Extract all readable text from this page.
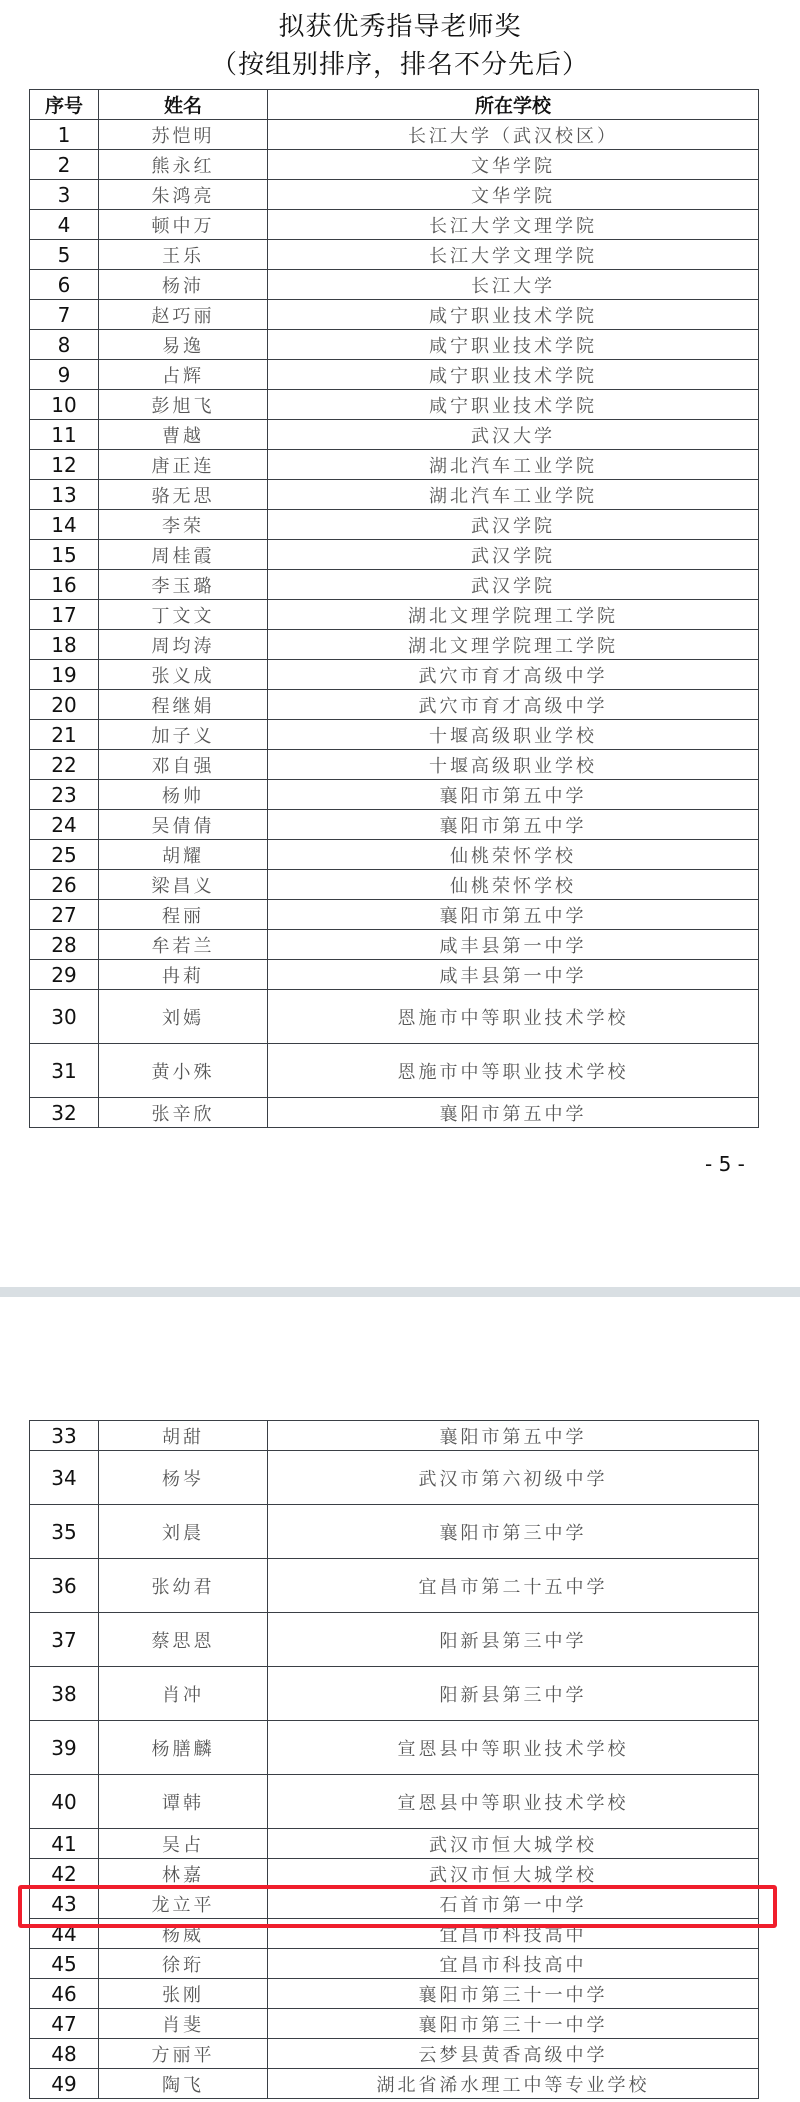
拟获优秀指导老师奖
（按组别排序，排名不分先后）
序号	姓名	所在学校
1	苏恺明	长江大学（武汉校区）
2	熊永红	文华学院
3	朱鸿亮	文华学院
4	顿中万	长江大学文理学院
5	王乐	长江大学文理学院
6	杨沛	长江大学
7	赵巧丽	咸宁职业技术学院
8	易逸	咸宁职业技术学院
9	占辉	咸宁职业技术学院
10	彭旭飞	咸宁职业技术学院
11	曹越	武汉大学
12	唐正连	湖北汽车工业学院
13	骆无思	湖北汽车工业学院
14	李荣	武汉学院
15	周桂霞	武汉学院
16	李玉璐	武汉学院
17	丁文文	湖北文理学院理工学院
18	周均涛	湖北文理学院理工学院
19	张义成	武穴市育才高级中学
20	程继娟	武穴市育才高级中学
21	加子义	十堰高级职业学校
22	邓自强	十堰高级职业学校
23	杨帅	襄阳市第五中学
24	吴倩倩	襄阳市第五中学
25	胡耀	仙桃荣怀学校
26	梁昌义	仙桃荣怀学校
27	程丽	襄阳市第五中学
28	牟若兰	咸丰县第一中学
29	冉莉	咸丰县第一中学
30	刘嫣	恩施市中等职业技术学校
31	黄小殊	恩施市中等职业技术学校
32	张辛欣	襄阳市第五中学
- 5 -
33	胡甜	襄阳市第五中学
34	杨岑	武汉市第六初级中学
35	刘晨	襄阳市第三中学
36	张幼君	宜昌市第二十五中学
37	蔡思恩	阳新县第三中学
38	肖冲	阳新县第三中学
39	杨膳麟	宣恩县中等职业技术学校
40	谭韩	宣恩县中等职业技术学校
41	吴占	武汉市恒大城学校
42	林嘉	武汉市恒大城学校
43	龙立平	石首市第一中学
44	杨威	宜昌市科技高中
45	徐珩	宜昌市科技高中
46	张刚	襄阳市第三十一中学
47	肖斐	襄阳市第三十一中学
48	方丽平	云梦县黄香高级中学
49	陶飞	湖北省浠水理工中等专业学校
